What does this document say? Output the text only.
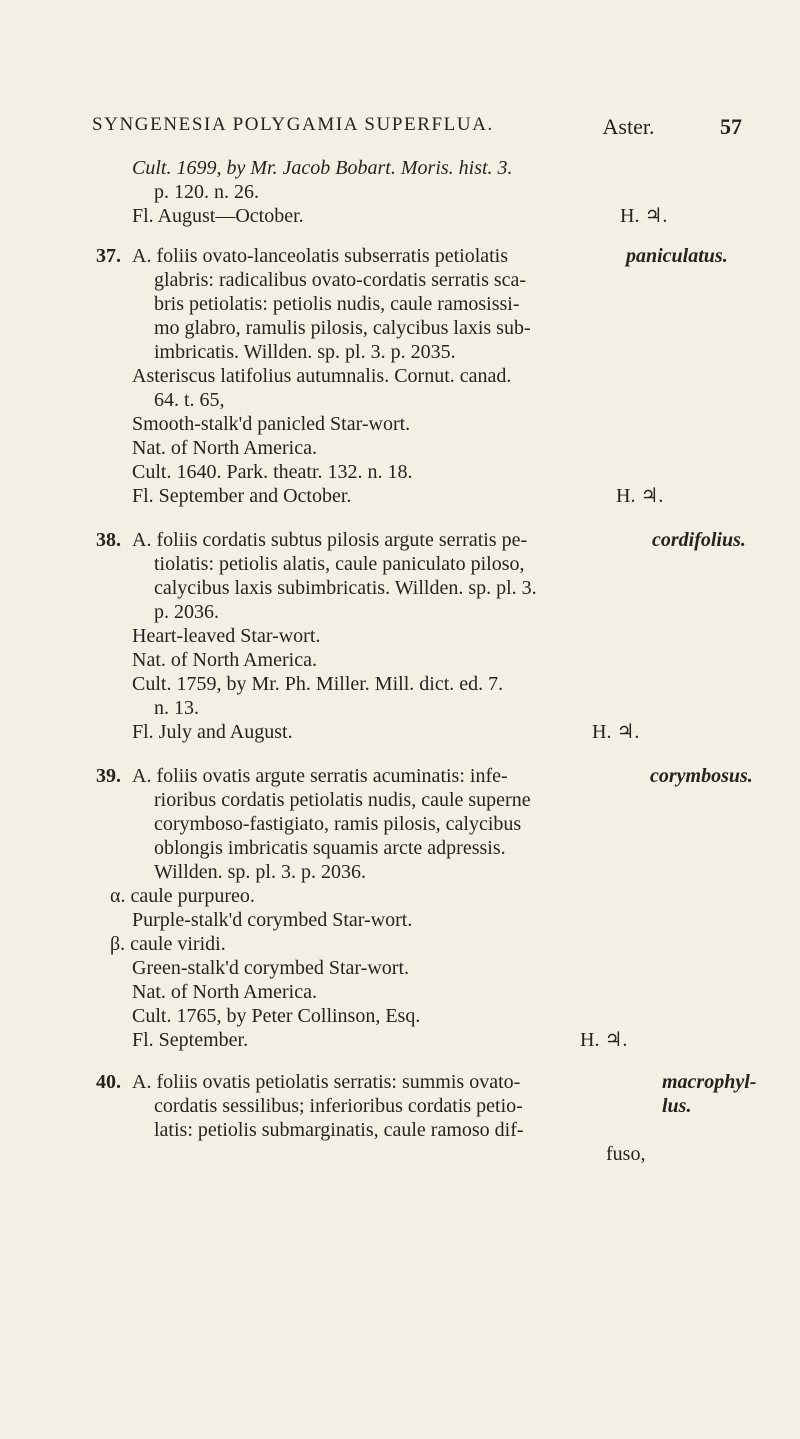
SYNGENESIA POLYGAMIA SUPERFLUA.	Aster.	57
Cult. 1699, by Mr. Jacob Bobart. Moris. hist. 3.
p. 120. n. 26.
Fl. August—October.	H. ♃.
37.	paniculatus.
A. foliis ovato-lanceolatis subserratis petiolatis
glabris: radicalibus ovato-cordatis serratis sca-
bris petiolatis: petiolis nudis, caule ramosissi-
mo glabro, ramulis pilosis, calycibus laxis sub-
imbricatis. Willden. sp. pl. 3. p. 2035.
Asteriscus latifolius autumnalis. Cornut. canad.
64. t. 65,
Smooth-stalk'd panicled Star-wort.
Nat. of North America.
Cult. 1640. Park. theatr. 132. n. 18.
Fl. September and October.	H. ♃.
38.	cordifolius.
A. foliis cordatis subtus pilosis argute serratis pe-
tiolatis: petiolis alatis, caule paniculato piloso,
calycibus laxis subimbricatis. Willden. sp. pl. 3.
p. 2036.
Heart-leaved Star-wort.
Nat. of North America.
Cult. 1759, by Mr. Ph. Miller. Mill. dict. ed. 7.
n. 13.
Fl. July and August.	H. ♃.
39.	corymbosus.
A. foliis ovatis argute serratis acuminatis: infe-
rioribus cordatis petiolatis nudis, caule superne
corymboso-fastigiato, ramis pilosis, calycibus
oblongis imbricatis squamis arcte adpressis.
Willden. sp. pl. 3. p. 2036.
α. caule purpureo.
Purple-stalk'd corymbed Star-wort.
β. caule viridi.
Green-stalk'd corymbed Star-wort.
Nat. of North America.
Cult. 1765, by Peter Collinson, Esq.
Fl. September.	H. ♃.
40.	macrophyl-
lus.
A. foliis ovatis petiolatis serratis: summis ovato-
cordatis sessilibus; inferioribus cordatis petio-
latis: petiolis submarginatis, caule ramoso dif-
fuso,
